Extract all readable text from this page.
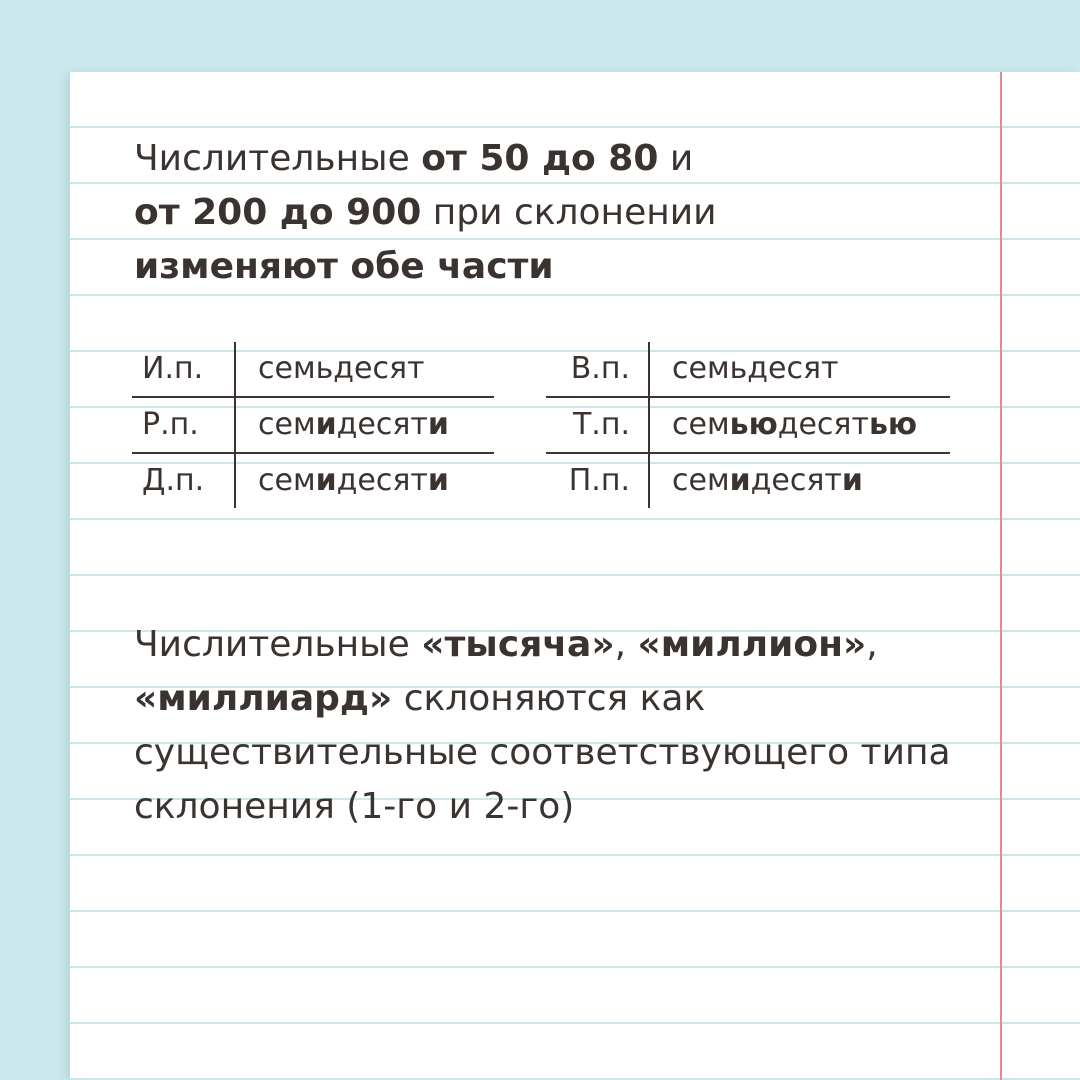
Числительные от 50 до 80 и
от 200 до 900 при склонении
изменяют обе части

И.п.	семьдесят
Р.п.	семидесяти
Д.п.	семидесяти
В.п.	семьдесят
Т.п.	семьюдесятью
П.п.	семидесяти

Числительные «тысяча», «миллион»,
«миллиард» склоняются как существительные соответствующего типа склонения (1-го и 2-го)
